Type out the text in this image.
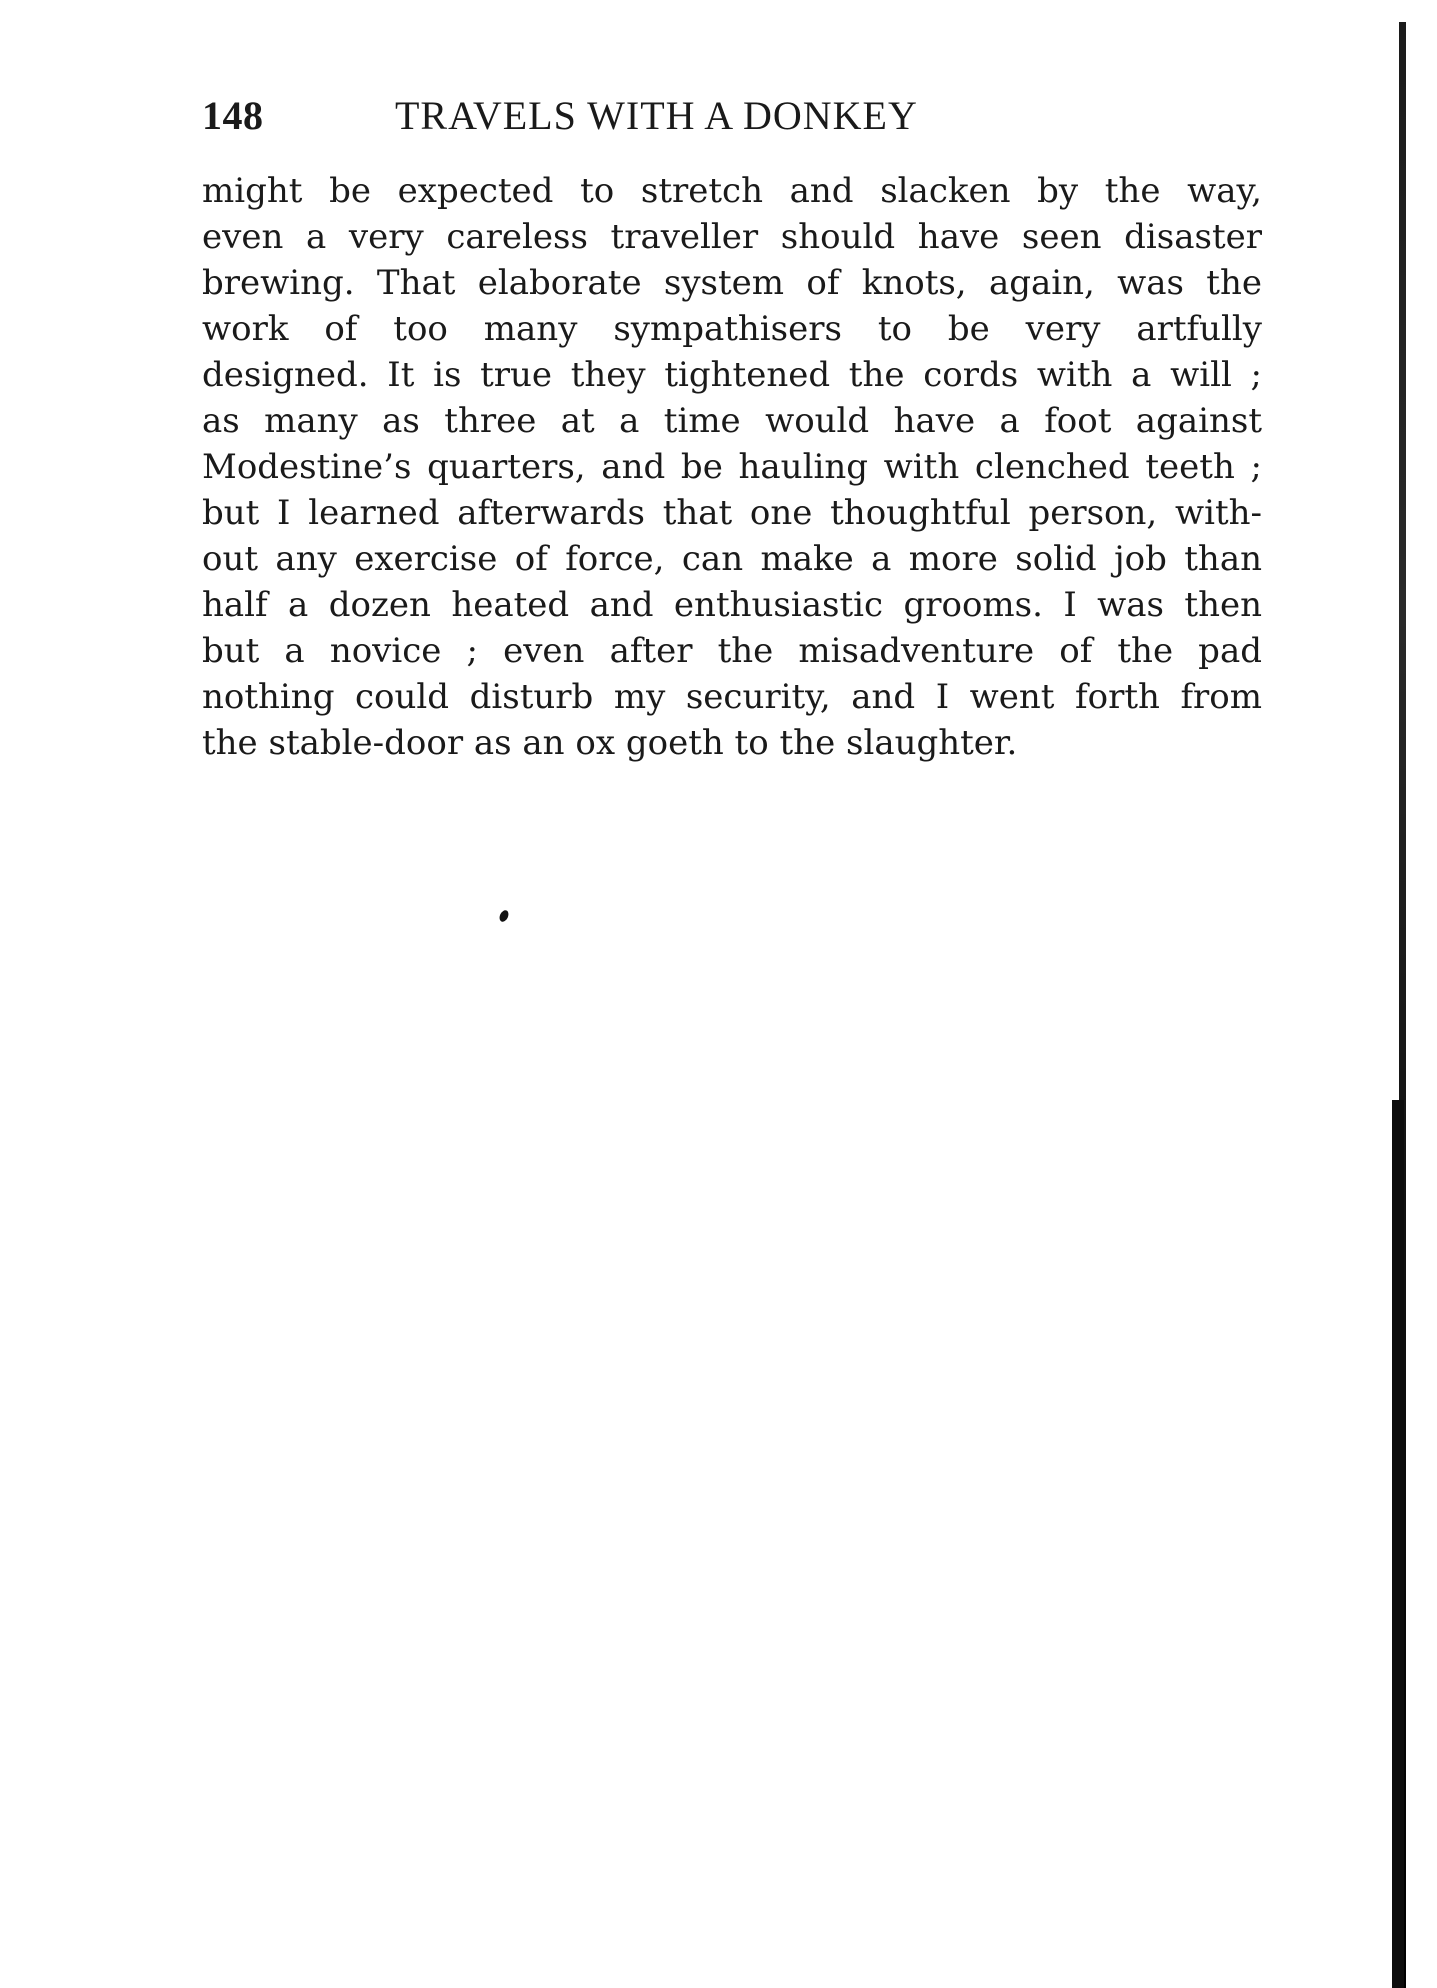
148	TRAVELS WITH A DONKEY
might be expected to stretch and slacken by the way,
even a very careless traveller should have seen disaster
brewing. That elaborate system of knots, again, was the
work of too many sympathisers to be very artfully
designed. It is true they tightened the cords with a will ;
as many as three at a time would have a foot against
Modestine’s quarters, and be hauling with clenched teeth ;
but I learned afterwards that one thoughtful person, with-
out any exercise of force, can make a more solid job than
half a dozen heated and enthusiastic grooms. I was then
but a novice ; even after the misadventure of the pad
nothing could disturb my security, and I went forth from
the stable-door as an ox goeth to the slaughter.
